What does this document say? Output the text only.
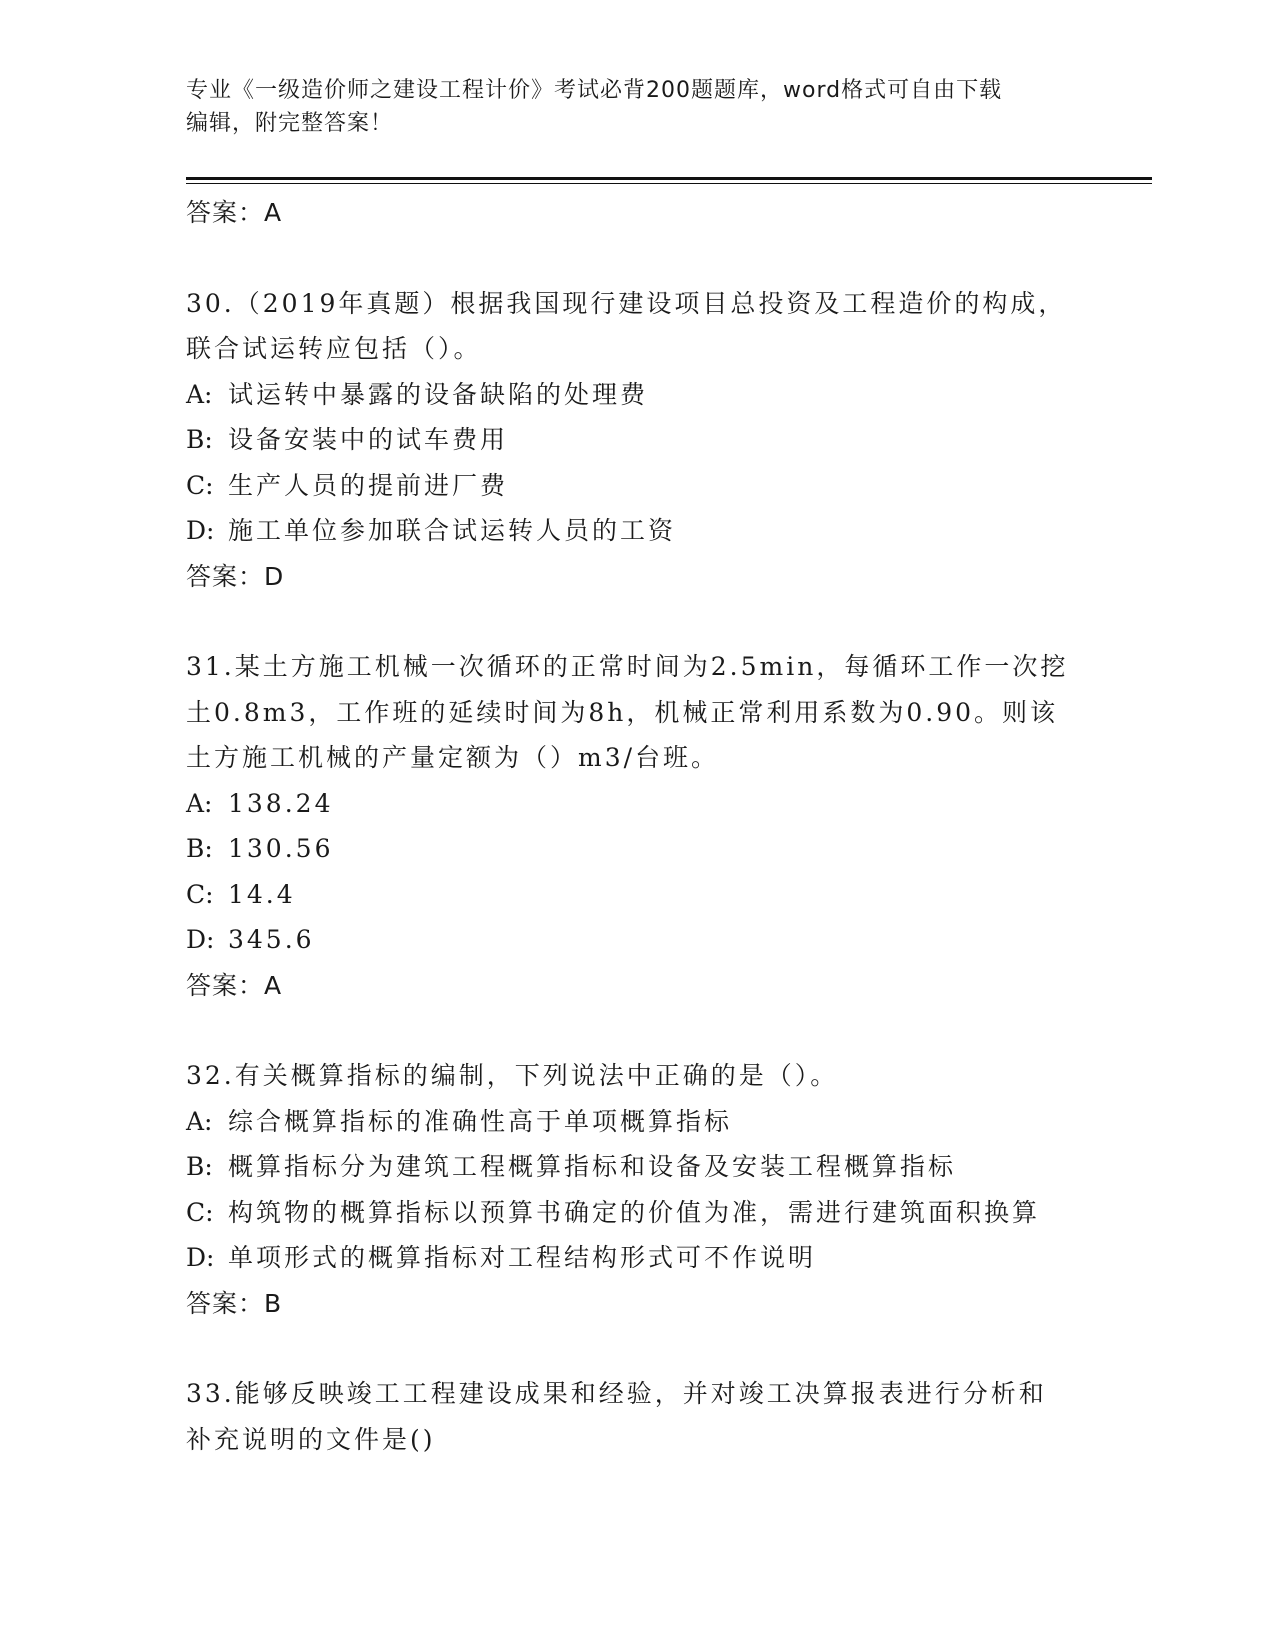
专业《一级造价师之建设工程计价》考试必背200题题库，word格式可自由下载
编辑，附完整答案！
答案：A
30.（2019年真题）根据我国现行建设项目总投资及工程造价的构成，
联合试运转应包括（）。
A: 试运转中暴露的设备缺陷的处理费
B: 设备安装中的试车费用
C: 生产人员的提前进厂费
D: 施工单位参加联合试运转人员的工资
答案：D
31.某土方施工机械一次循环的正常时间为2.5min，每循环工作一次挖
土0.8m3，工作班的延续时间为8h，机械正常利用系数为0.90。则该
土方施工机械的产量定额为（）m3/台班。
A: 138.24
B: 130.56
C: 14.4
D: 345.6
答案：A
32.有关概算指标的编制，下列说法中正确的是（）。
A: 综合概算指标的准确性高于单项概算指标
B: 概算指标分为建筑工程概算指标和设备及安装工程概算指标
C: 构筑物的概算指标以预算书确定的价值为准，需进行建筑面积换算
D: 单项形式的概算指标对工程结构形式可不作说明
答案：B
33.能够反映竣工工程建设成果和经验，并对竣工决算报表进行分析和
补充说明的文件是()
